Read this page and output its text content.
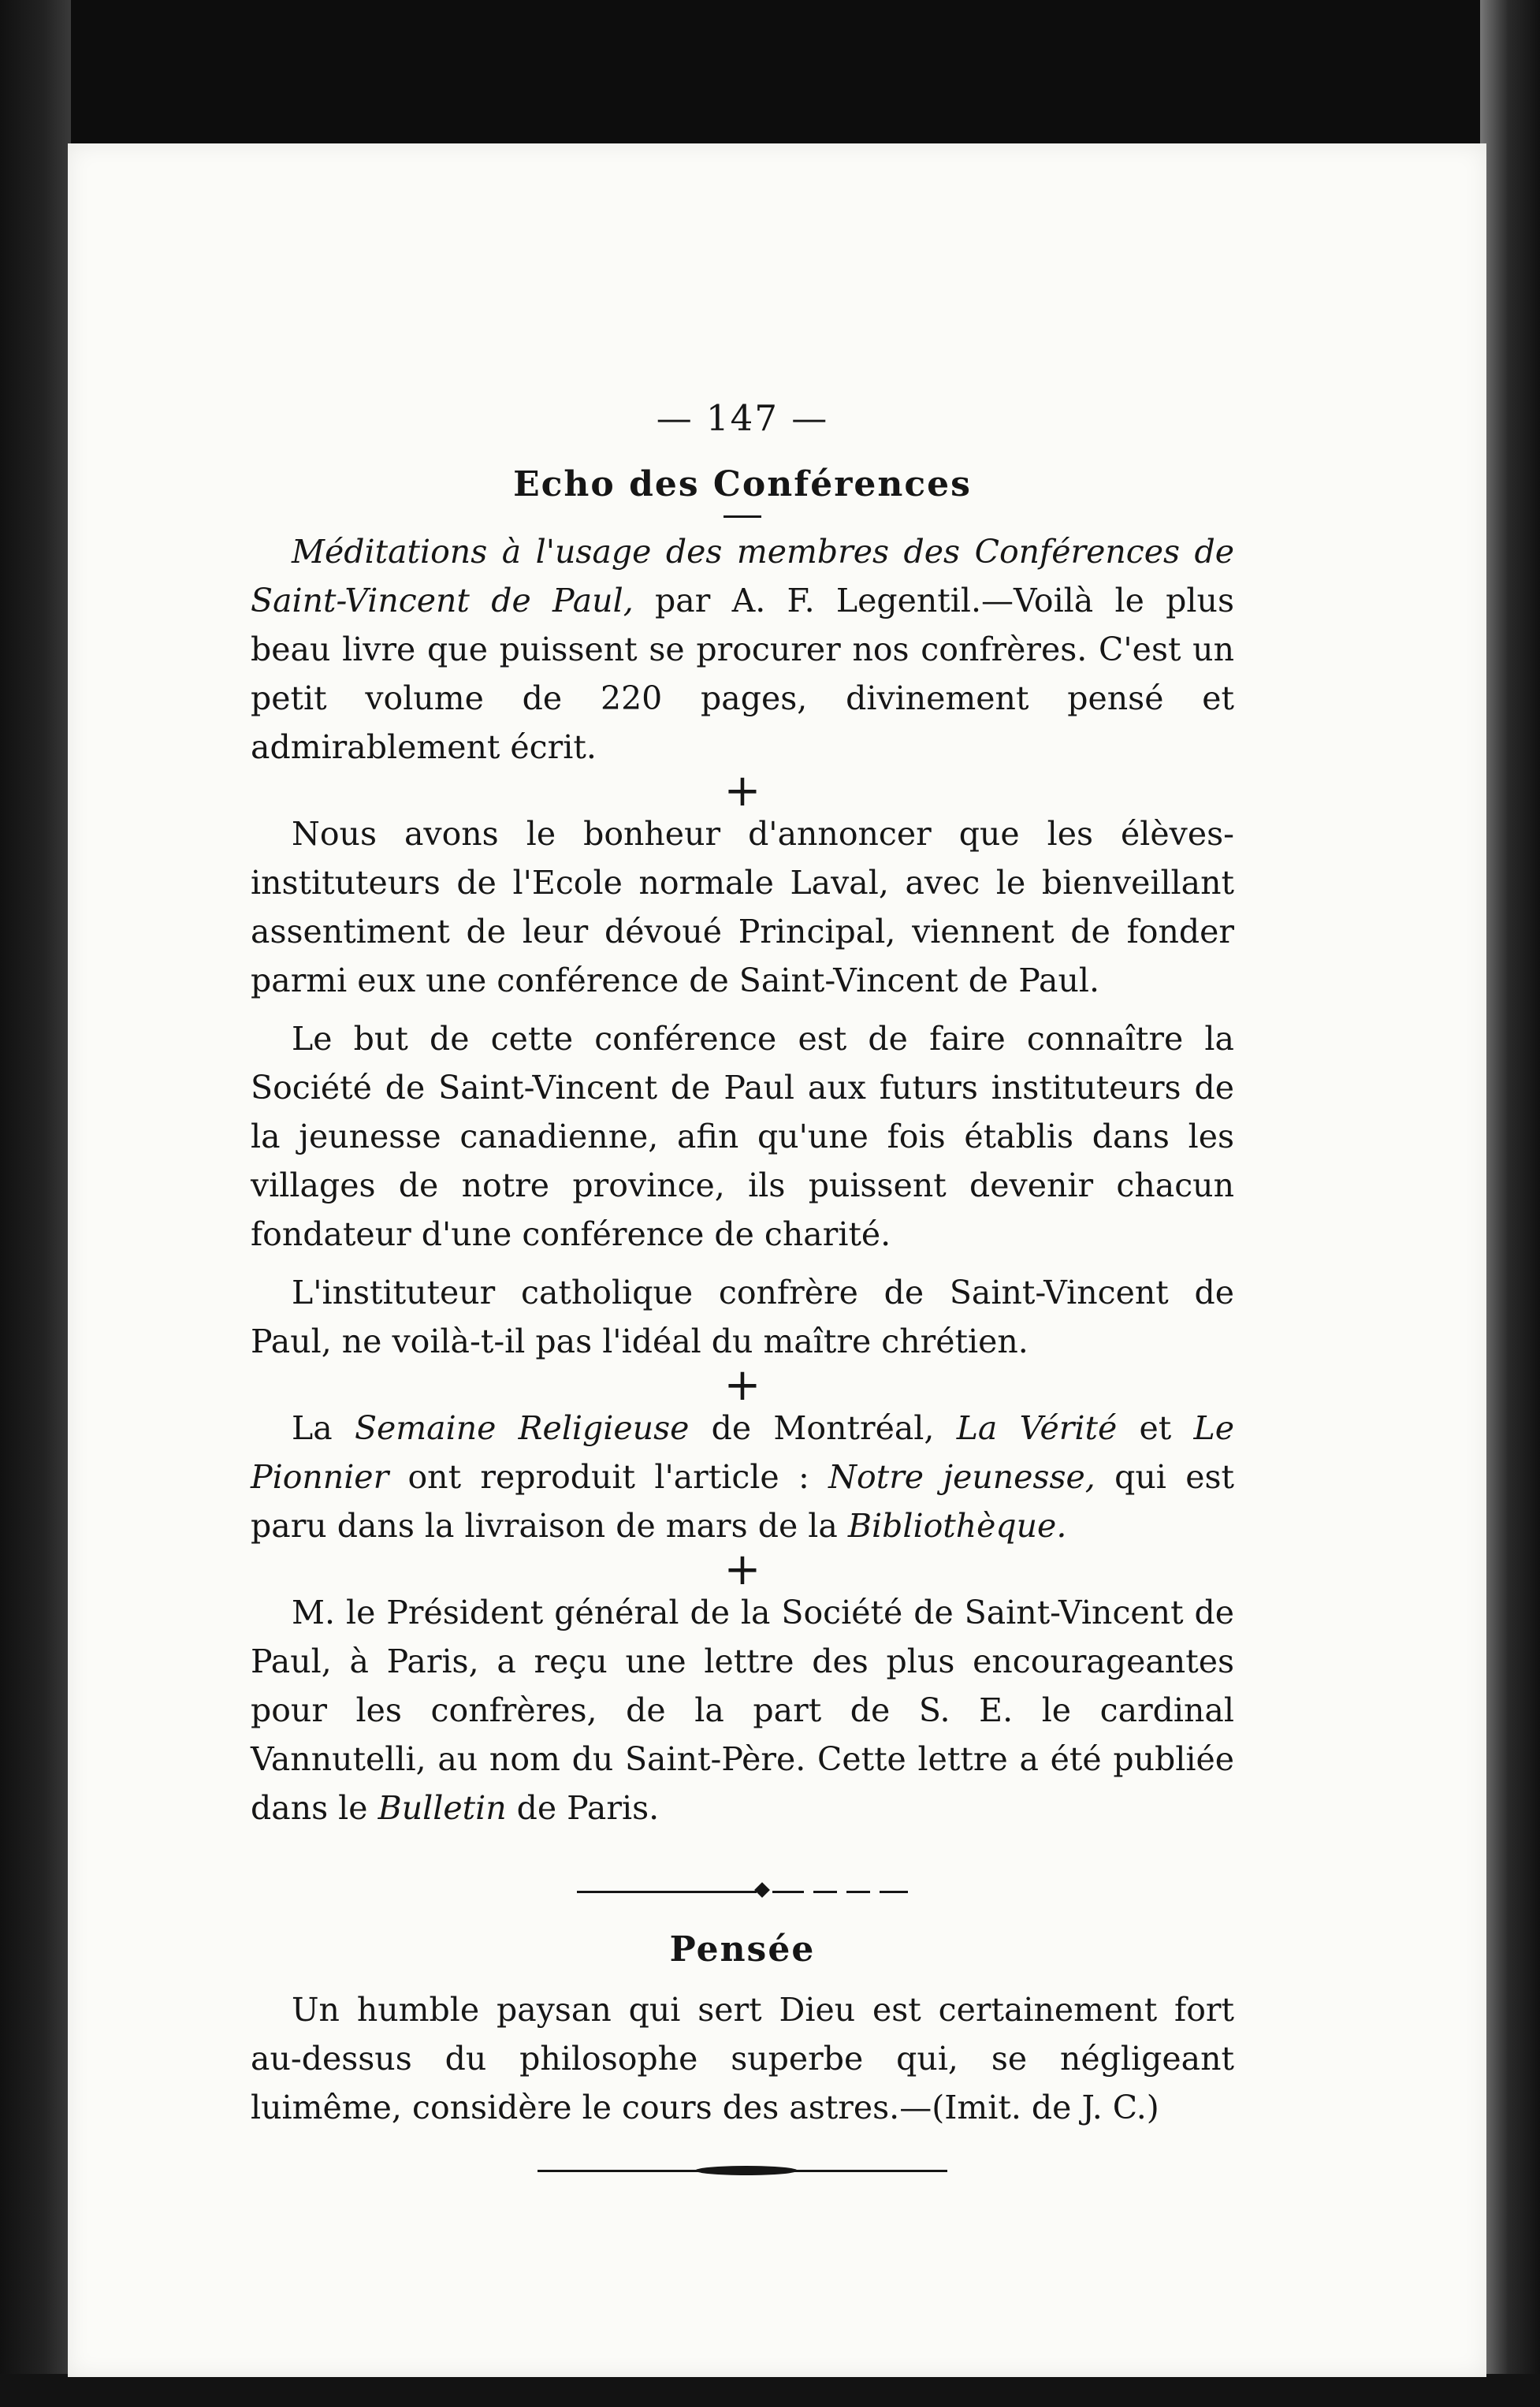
— 147 —
Echo des Conférences

Méditations à l'usage des membres des Conférences de Saint-Vincent de Paul, par A. F. Legentil.—Voilà le plus beau livre que puissent se procurer nos confrères. C'est un petit volume de 220 pages, divinement pensé et admirablement écrit.

+

Nous avons le bonheur d'annoncer que les élèves-instituteurs de l'Ecole normale Laval, avec le bienveillant assentiment de leur dévoué Principal, viennent de fonder parmi eux une conférence de Saint-Vincent de Paul.

Le but de cette conférence est de faire connaître la Société de Saint-Vincent de Paul aux futurs instituteurs de la jeunesse canadienne, afin qu'une fois établis dans les villages de notre province, ils puissent devenir chacun fondateur d'une conférence de charité.

L'instituteur catholique confrère de Saint-Vincent de Paul, ne voilà-t-il pas l'idéal du maître chrétien.

+

La Semaine Religieuse de Montréal, La Vérité et Le Pionnier ont reproduit l'article : Notre jeunesse, qui est paru dans la livraison de mars de la Bibliothèque.

+

M. le Président général de la Société de Saint-Vincent de Paul, à Paris, a reçu une lettre des plus encourageantes pour les confrères, de la part de S. E. le cardinal Vannutelli, au nom du Saint-Père. Cette lettre a été publiée dans le Bulletin de Paris.

Pensée

Un humble paysan qui sert Dieu est certainement fort au-dessus du philosophe superbe qui, se négligeant luimême, considère le cours des astres.—(Imit. de J. C.)
